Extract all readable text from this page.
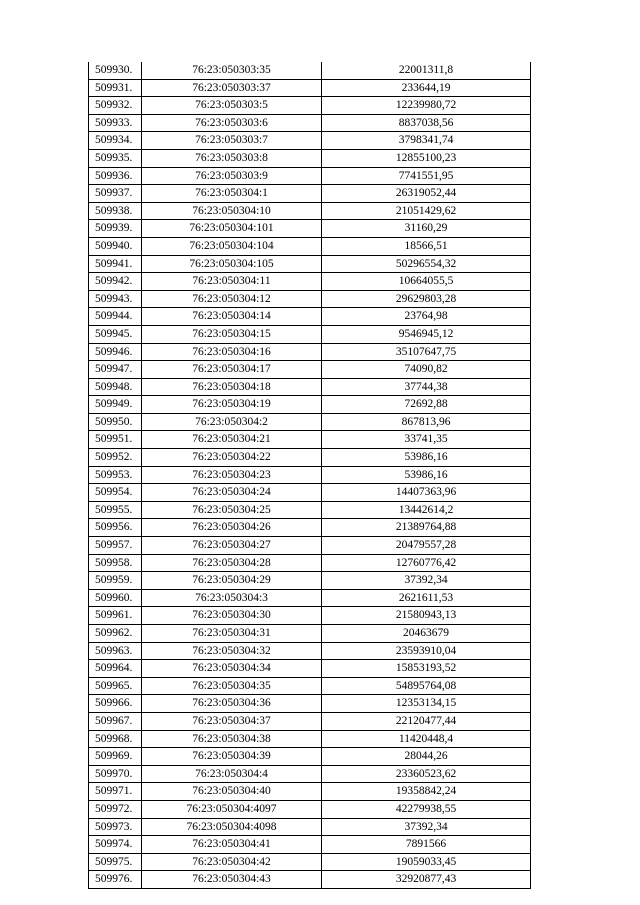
509930.	76:23:050303:35	22001311,8
509931.	76:23:050303:37	233644,19
509932.	76:23:050303:5	12239980,72
509933.	76:23:050303:6	8837038,56
509934.	76:23:050303:7	3798341,74
509935.	76:23:050303:8	12855100,23
509936.	76:23:050303:9	7741551,95
509937.	76:23:050304:1	26319052,44
509938.	76:23:050304:10	21051429,62
509939.	76:23:050304:101	31160,29
509940.	76:23:050304:104	18566,51
509941.	76:23:050304:105	50296554,32
509942.	76:23:050304:11	10664055,5
509943.	76:23:050304:12	29629803,28
509944.	76:23:050304:14	23764,98
509945.	76:23:050304:15	9546945,12
509946.	76:23:050304:16	35107647,75
509947.	76:23:050304:17	74090,82
509948.	76:23:050304:18	37744,38
509949.	76:23:050304:19	72692,88
509950.	76:23:050304:2	867813,96
509951.	76:23:050304:21	33741,35
509952.	76:23:050304:22	53986,16
509953.	76:23:050304:23	53986,16
509954.	76:23:050304:24	14407363,96
509955.	76:23:050304:25	13442614,2
509956.	76:23:050304:26	21389764,88
509957.	76:23:050304:27	20479557,28
509958.	76:23:050304:28	12760776,42
509959.	76:23:050304:29	37392,34
509960.	76:23:050304:3	2621611,53
509961.	76:23:050304:30	21580943,13
509962.	76:23:050304:31	20463679
509963.	76:23:050304:32	23593910,04
509964.	76:23:050304:34	15853193,52
509965.	76:23:050304:35	54895764,08
509966.	76:23:050304:36	12353134,15
509967.	76:23:050304:37	22120477,44
509968.	76:23:050304:38	11420448,4
509969.	76:23:050304:39	28044,26
509970.	76:23:050304:4	23360523,62
509971.	76:23:050304:40	19358842,24
509972.	76:23:050304:4097	42279938,55
509973.	76:23:050304:4098	37392,34
509974.	76:23:050304:41	7891566
509975.	76:23:050304:42	19059033,45
509976.	76:23:050304:43	32920877,43
